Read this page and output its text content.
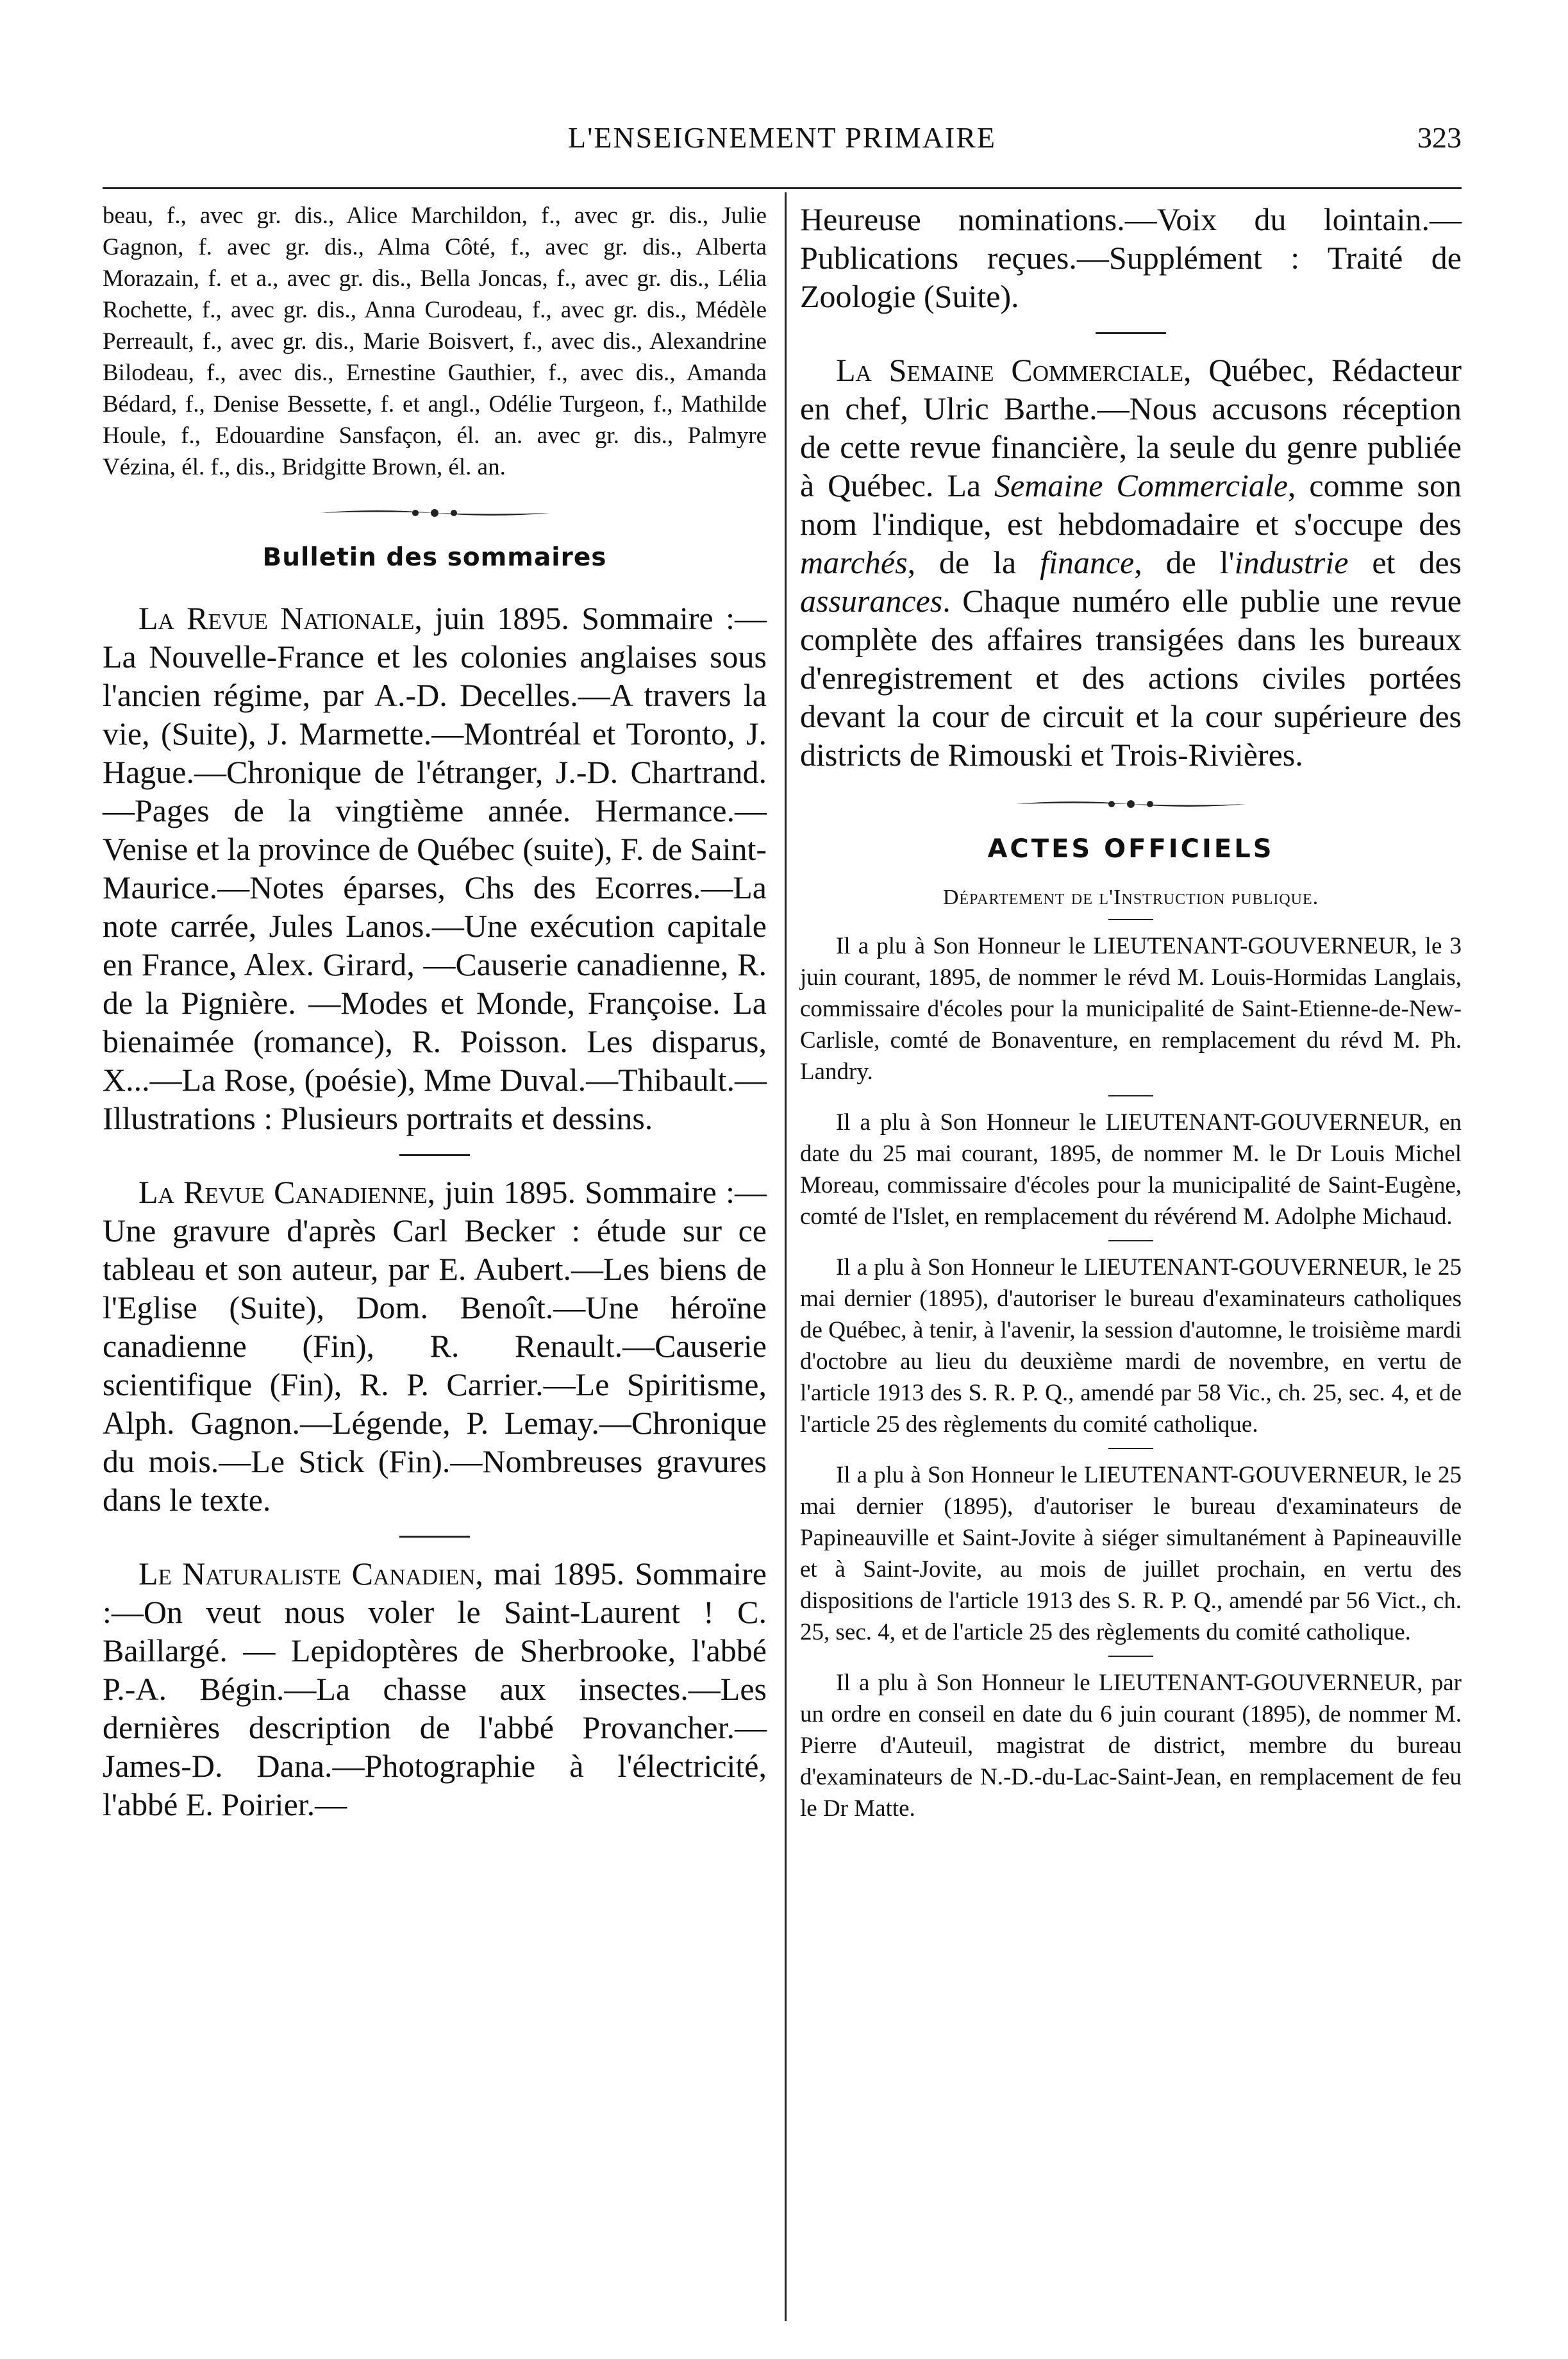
L'ENSEIGNEMENT PRIMAIRE	323

beau, f., avec gr. dis., Alice Marchildon, f., avec gr. dis., Julie Gagnon, f. avec gr. dis., Alma Côté, f., avec gr. dis., Alberta Morazain, f. et a., avec gr. dis., Bella Joncas, f., avec gr. dis., Lélia Rochette, f., avec gr. dis., Anna Curodeau, f., avec gr. dis., Médèle Perreault, f., avec gr. dis., Marie Boisvert, f., avec dis., Alexandrine Bilodeau, f., avec dis., Ernestine Gauthier, f., avec dis., Amanda Bédard, f., Denise Bessette, f. et angl., Odélie Turgeon, f., Mathilde Houle, f., Edouardine Sansfaçon, él. an. avec gr. dis., Palmyre Vézina, él. f., dis., Bridgitte Brown, él. an.

Bulletin des sommaires

La Revue Nationale, juin 1895. Sommaire :—La Nouvelle-France et les colonies anglaises sous l'ancien régime, par A.-D. Decelles.—A travers la vie, (Suite), J. Marmette.—Montréal et Toronto, J. Hague.—Chronique de l'étranger, J.-D. Chartrand.—Pages de la vingtième année. Hermance.—Venise et la province de Québec (suite), F. de Saint-Maurice.—Notes éparses, Chs des Ecorres.—La note carrée, Jules Lanos.—Une exécution capitale en France, Alex. Girard, —Causerie canadienne, R. de la Pignière. —Modes et Monde, Françoise. La bienaimée (romance), R. Poisson. Les disparus, X...—La Rose, (poésie), Mme Duval.—Thibault.—Illustrations : Plusieurs portraits et dessins.

La Revue Canadienne, juin 1895. Sommaire :—Une gravure d'après Carl Becker : étude sur ce tableau et son auteur, par E. Aubert.—Les biens de l'Eglise (Suite), Dom. Benoît.—Une héroïne canadienne (Fin), R. Renault.—Causerie scientifique (Fin), R. P. Carrier.—Le Spiritisme, Alph. Gagnon.—Légende, P. Lemay.—Chronique du mois.—Le Stick (Fin).—Nombreuses gravures dans le texte.

Le Naturaliste Canadien, mai 1895. Sommaire :—On veut nous voler le Saint-Laurent ! C. Baillargé. — Lepidoptères de Sherbrooke, l'abbé P.-A. Bégin.—La chasse aux insectes.—Les dernières description de l'abbé Provancher.—James-D. Dana.—Photographie à l'électricité, l'abbé E. Poirier.—

Heureuse nominations.—Voix du lointain.—Publications reçues.—Supplément : Traité de Zoologie (Suite).

La Semaine Commerciale, Québec, Rédacteur en chef, Ulric Barthe.—Nous accusons réception de cette revue financière, la seule du genre publiée à Québec. La Semaine Commerciale, comme son nom l'indique, est hebdomadaire et s'occupe des marchés, de la finance, de l'industrie et des assurances. Chaque numéro elle publie une revue complète des affaires transigées dans les bureaux d'enregistrement et des actions civiles portées devant la cour de circuit et la cour supérieure des districts de Rimouski et Trois-Rivières.

ACTES OFFICIELS
Département de l'Instruction publique.

Il a plu à Son Honneur le LIEUTENANT-GOUVERNEUR, le 3 juin courant, 1895, de nommer le révd M. Louis-Hormidas Langlais, commissaire d'écoles pour la municipalité de Saint-Etienne-de-New-Carlisle, comté de Bonaventure, en remplacement du révd M. Ph. Landry.

Il a plu à Son Honneur le LIEUTENANT-GOUVERNEUR, en date du 25 mai courant, 1895, de nommer M. le Dr Louis Michel Moreau, commissaire d'écoles pour la municipalité de Saint-Eugène, comté de l'Islet, en remplacement du révérend M. Adolphe Michaud.

Il a plu à Son Honneur le LIEUTENANT-GOUVERNEUR, le 25 mai dernier (1895), d'autoriser le bureau d'examinateurs catholiques de Québec, à tenir, à l'avenir, la session d'automne, le troisième mardi d'octobre au lieu du deuxième mardi de novembre, en vertu de l'article 1913 des S. R. P. Q., amendé par 58 Vic., ch. 25, sec. 4, et de l'article 25 des règlements du comité catholique.

Il a plu à Son Honneur le LIEUTENANT-GOUVERNEUR, le 25 mai dernier (1895), d'autoriser le bureau d'examinateurs de Papineauville et Saint-Jovite à siéger simultanément à Papineauville et à Saint-Jovite, au mois de juillet prochain, en vertu des dispositions de l'article 1913 des S. R. P. Q., amendé par 56 Vict., ch. 25, sec. 4, et de l'article 25 des règlements du comité catholique.

Il a plu à Son Honneur le LIEUTENANT-GOUVERNEUR, par un ordre en conseil en date du 6 juin courant (1895), de nommer M. Pierre d'Auteuil, magistrat de district, membre du bureau d'examinateurs de N.-D.-du-Lac-Saint-Jean, en remplacement de feu le Dr Matte.
